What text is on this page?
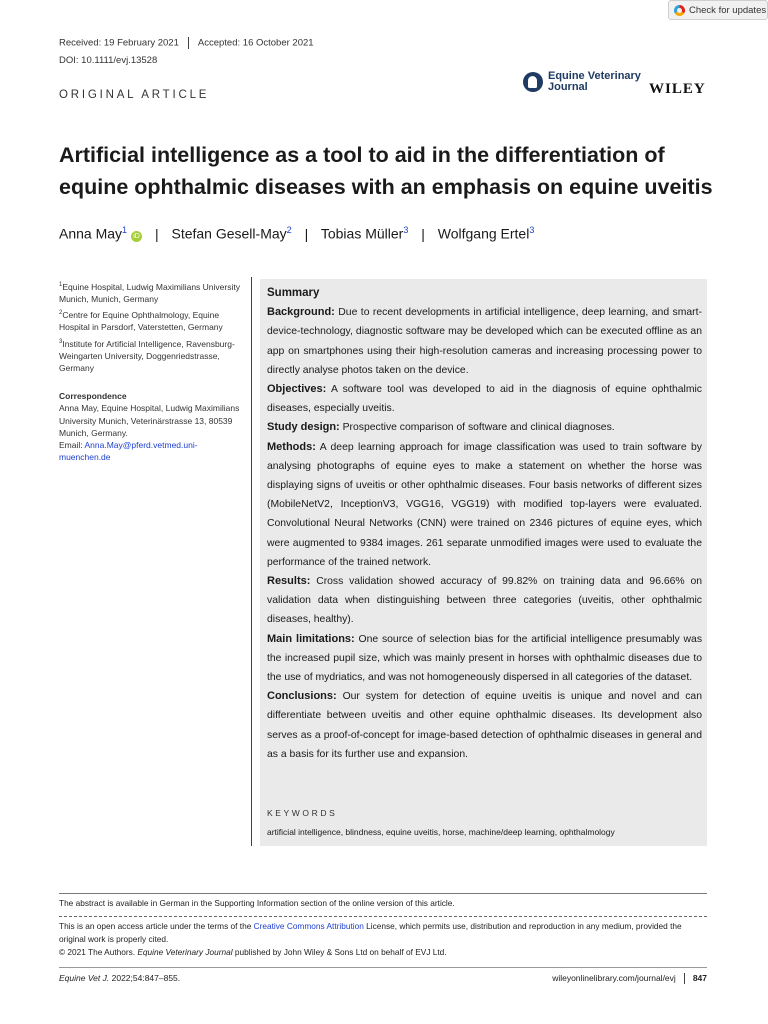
Check for updates
Received: 19 February 2021 Accepted: 16 October 2021
DOI: 10.1111/evj.13528
ORIGINAL ARTICLE
Equine Veterinary
Journal	WILEY
Artificial intelligence as a tool to aid in the differentiation of equine ophthalmic diseases with an emphasis on equine uveitis
Anna May$^1$iD | Stefan Gesell-May$^2$ | Tobias Müller$^3$ | Wolfgang Ertel$^3$
$^1$Equine Hospital, Ludwig Maximilians University Munich, Munich, Germany
$^2$Centre for Equine Ophthalmology, Equine Hospital in Parsdorf, Vaterstetten, Germany
$^3$Institute for Artificial Intelligence, Ravensburg-Weingarten University, Doggenriedstrasse, Germany
Correspondence
Anna May, Equine Hospital, Ludwig Maximilians University Munich, Veterinärstrasse 13, 80539 Munich, Germany.
Email: Anna.May@pferd.vetmed.uni-muenchen.de

Summary

Background: Due to recent developments in artificial intelligence, deep learning, and smart-device-technology, diagnostic software may be developed which can be executed offline as an app on smartphones using their high-resolution cameras and increasing processing power to directly analyse photos taken on the device.

Objectives: A software tool was developed to aid in the diagnosis of equine ophthalmic diseases, especially uveitis.

Study design: Prospective comparison of software and clinical diagnoses.

Methods: A deep learning approach for image classification was used to train software by analysing photographs of equine eyes to make a statement on whether the horse was displaying signs of uveitis or other ophthalmic diseases. Four basis networks of different sizes (MobileNetV2, InceptionV3, VGG16, VGG19) with modified top-layers were evaluated. Convolutional Neural Networks (CNN) were trained on 2346 pictures of equine eyes, which were augmented to 9384 images. 261 separate unmodified images were used to evaluate the performance of the trained network.

Results: Cross validation showed accuracy of 99.82% on training data and 96.66% on validation data when distinguishing between three categories (uveitis, other ophthalmic diseases, healthy).

Main limitations: One source of selection bias for the artificial intelligence presumably was the increased pupil size, which was mainly present in horses with ophthalmic diseases due to the use of mydriatics, and was not homogeneously dispersed in all categories of the dataset.

Conclusions: Our system for detection of equine uveitis is unique and novel and can differentiate between uveitis and other equine ophthalmic diseases. Its development also serves as a proof-of-concept for image-based detection of ophthalmic diseases in general and as a basis for its further use and expansion.

KEYWORDS
artificial intelligence, blindness, equine uveitis, horse, machine/deep learning, ophthalmology
The abstract is available in German in the Supporting Information section of the online version of this article.
This is an open access article under the terms of the Creative Commons Attribution License, which permits use, distribution and reproduction in any medium, provided the original work is properly cited.
© 2021 The Authors. Equine Veterinary Journal published by John Wiley & Sons Ltd on behalf of EVJ Ltd.
Equine Vet J. 2022;54:847–855.	wileyonlinelibrary.com/journal/evj 847
